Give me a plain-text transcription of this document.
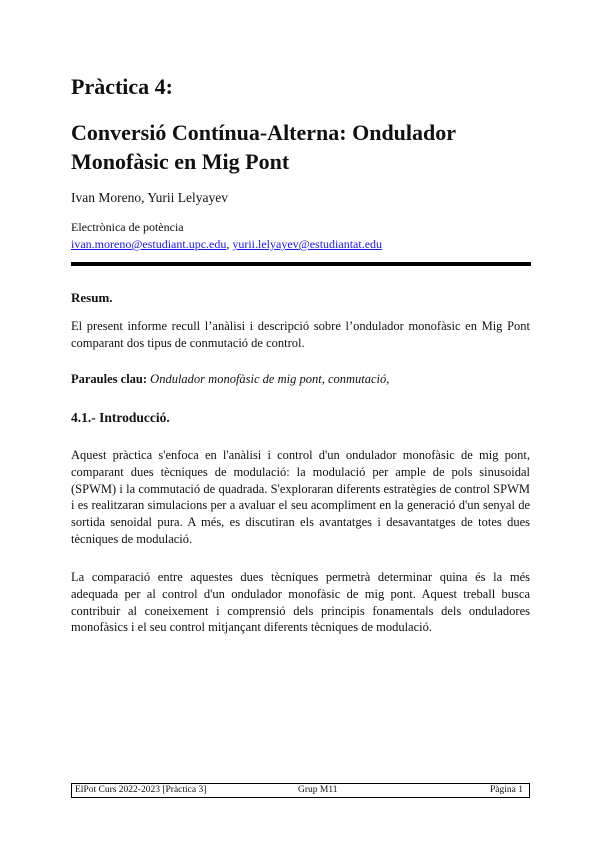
Pràctica 4:
Conversió Contínua-Alterna: Ondulador Monofàsic en Mig Pont
Ivan Moreno, Yurii Lelyayev
Electrònica de potència
ivan.moreno@estudiant.upc.edu, yurii.lelyayev@estudiantat.edu
Resum.

El present informe recull l’anàlisi i descripció sobre l’ondulador monofàsic en Mig Pont comparant dos tipus de conmutació de control.

Paraules clau: Ondulador monofàsic de mig pont, conmutació,
4.1.- Introducció.

Aquest pràctica s'enfoca en l'anàlisi i control d'un ondulador monofàsic de mig pont, comparant dues tècniques de modulació: la modulació per ample de pols sinusoidal (SPWM) i la commutació de quadrada. S'exploraran diferents estratègies de control SPWM i es realitzaran simulacions per a avaluar el seu acompliment en la generació d'un senyal de sortida senoidal pura. A més, es discutiran els avantatges i desavantatges de totes dues tècniques de modulació.

La comparació entre aquestes dues tècniques permetrà determinar quina és la més adequada per al control d'un ondulador monofàsic de mig pont. Aquest treball busca contribuir al coneixement i comprensió dels principis fonamentals dels onduladores monofàsics i el seu control mitjançant diferents tècniques de modulació.

ElPot Curs 2022-2023 [Pràctica 3]	Grup M11	Pàgina 1
